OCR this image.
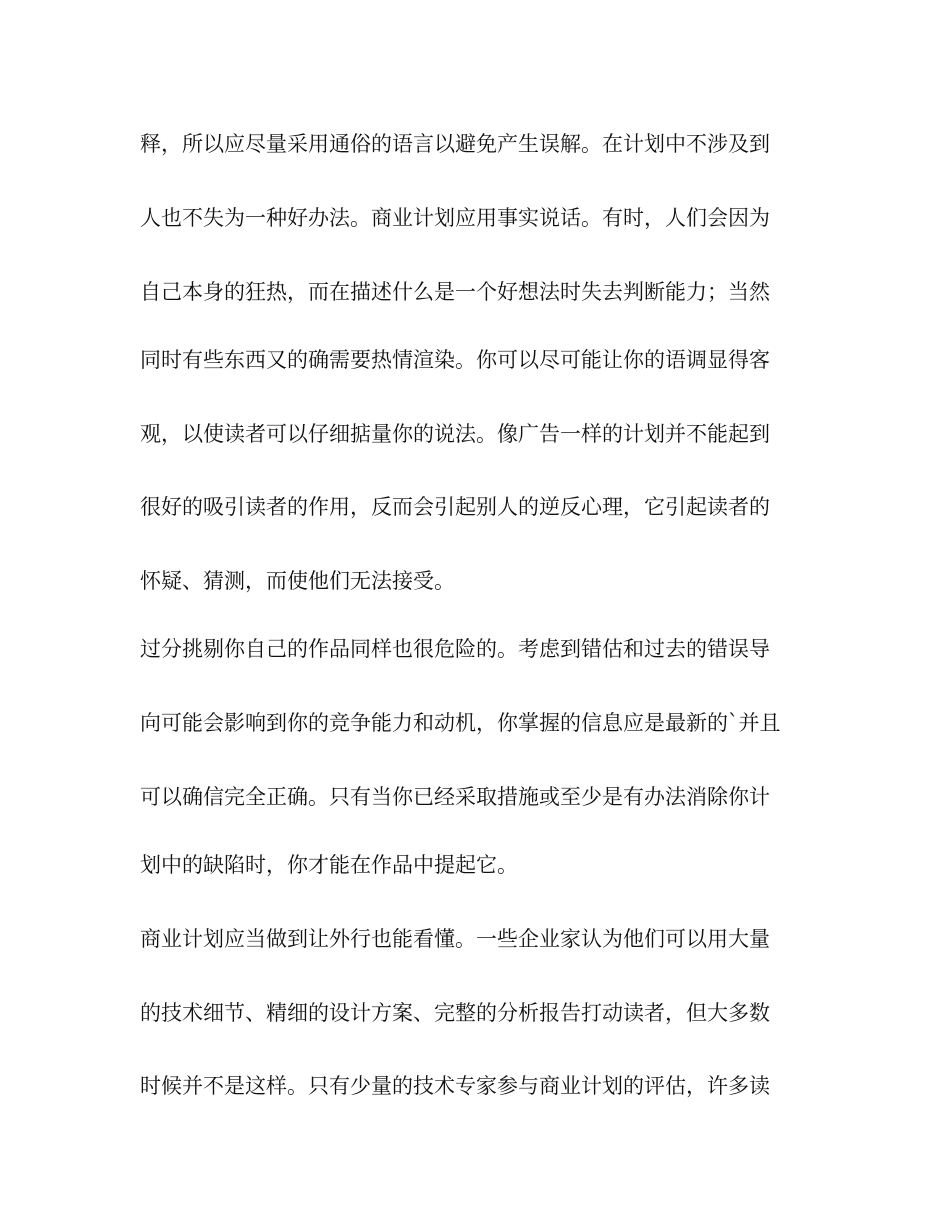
释，所以应尽量采用通俗的语言以避免产生误解。在计划中不涉及到
人也不失为一种好办法。商业计划应用事实说话。有时，人们会因为
自己本身的狂热，而在描述什么是一个好想法时失去判断能力；当然
同时有些东西又的确需要热情渲染。你可以尽可能让你的语调显得客
观，以使读者可以仔细掂量你的说法。像广告一样的计划并不能起到
很好的吸引读者的作用，反而会引起别人的逆反心理，它引起读者的
怀疑、猜测，而使他们无法接受。
过分挑剔你自己的作品同样也很危险的。考虑到错估和过去的错误导
向可能会影响到你的竞争能力和动机，你掌握的信息应是最新的`并且
可以确信完全正确。只有当你已经采取措施或至少是有办法消除你计
划中的缺陷时，你才能在作品中提起它。
商业计划应当做到让外行也能看懂。一些企业家认为他们可以用大量
的技术细节、精细的设计方案、完整的分析报告打动读者，但大多数
时候并不是这样。只有少量的技术专家参与商业计划的评估，许多读
